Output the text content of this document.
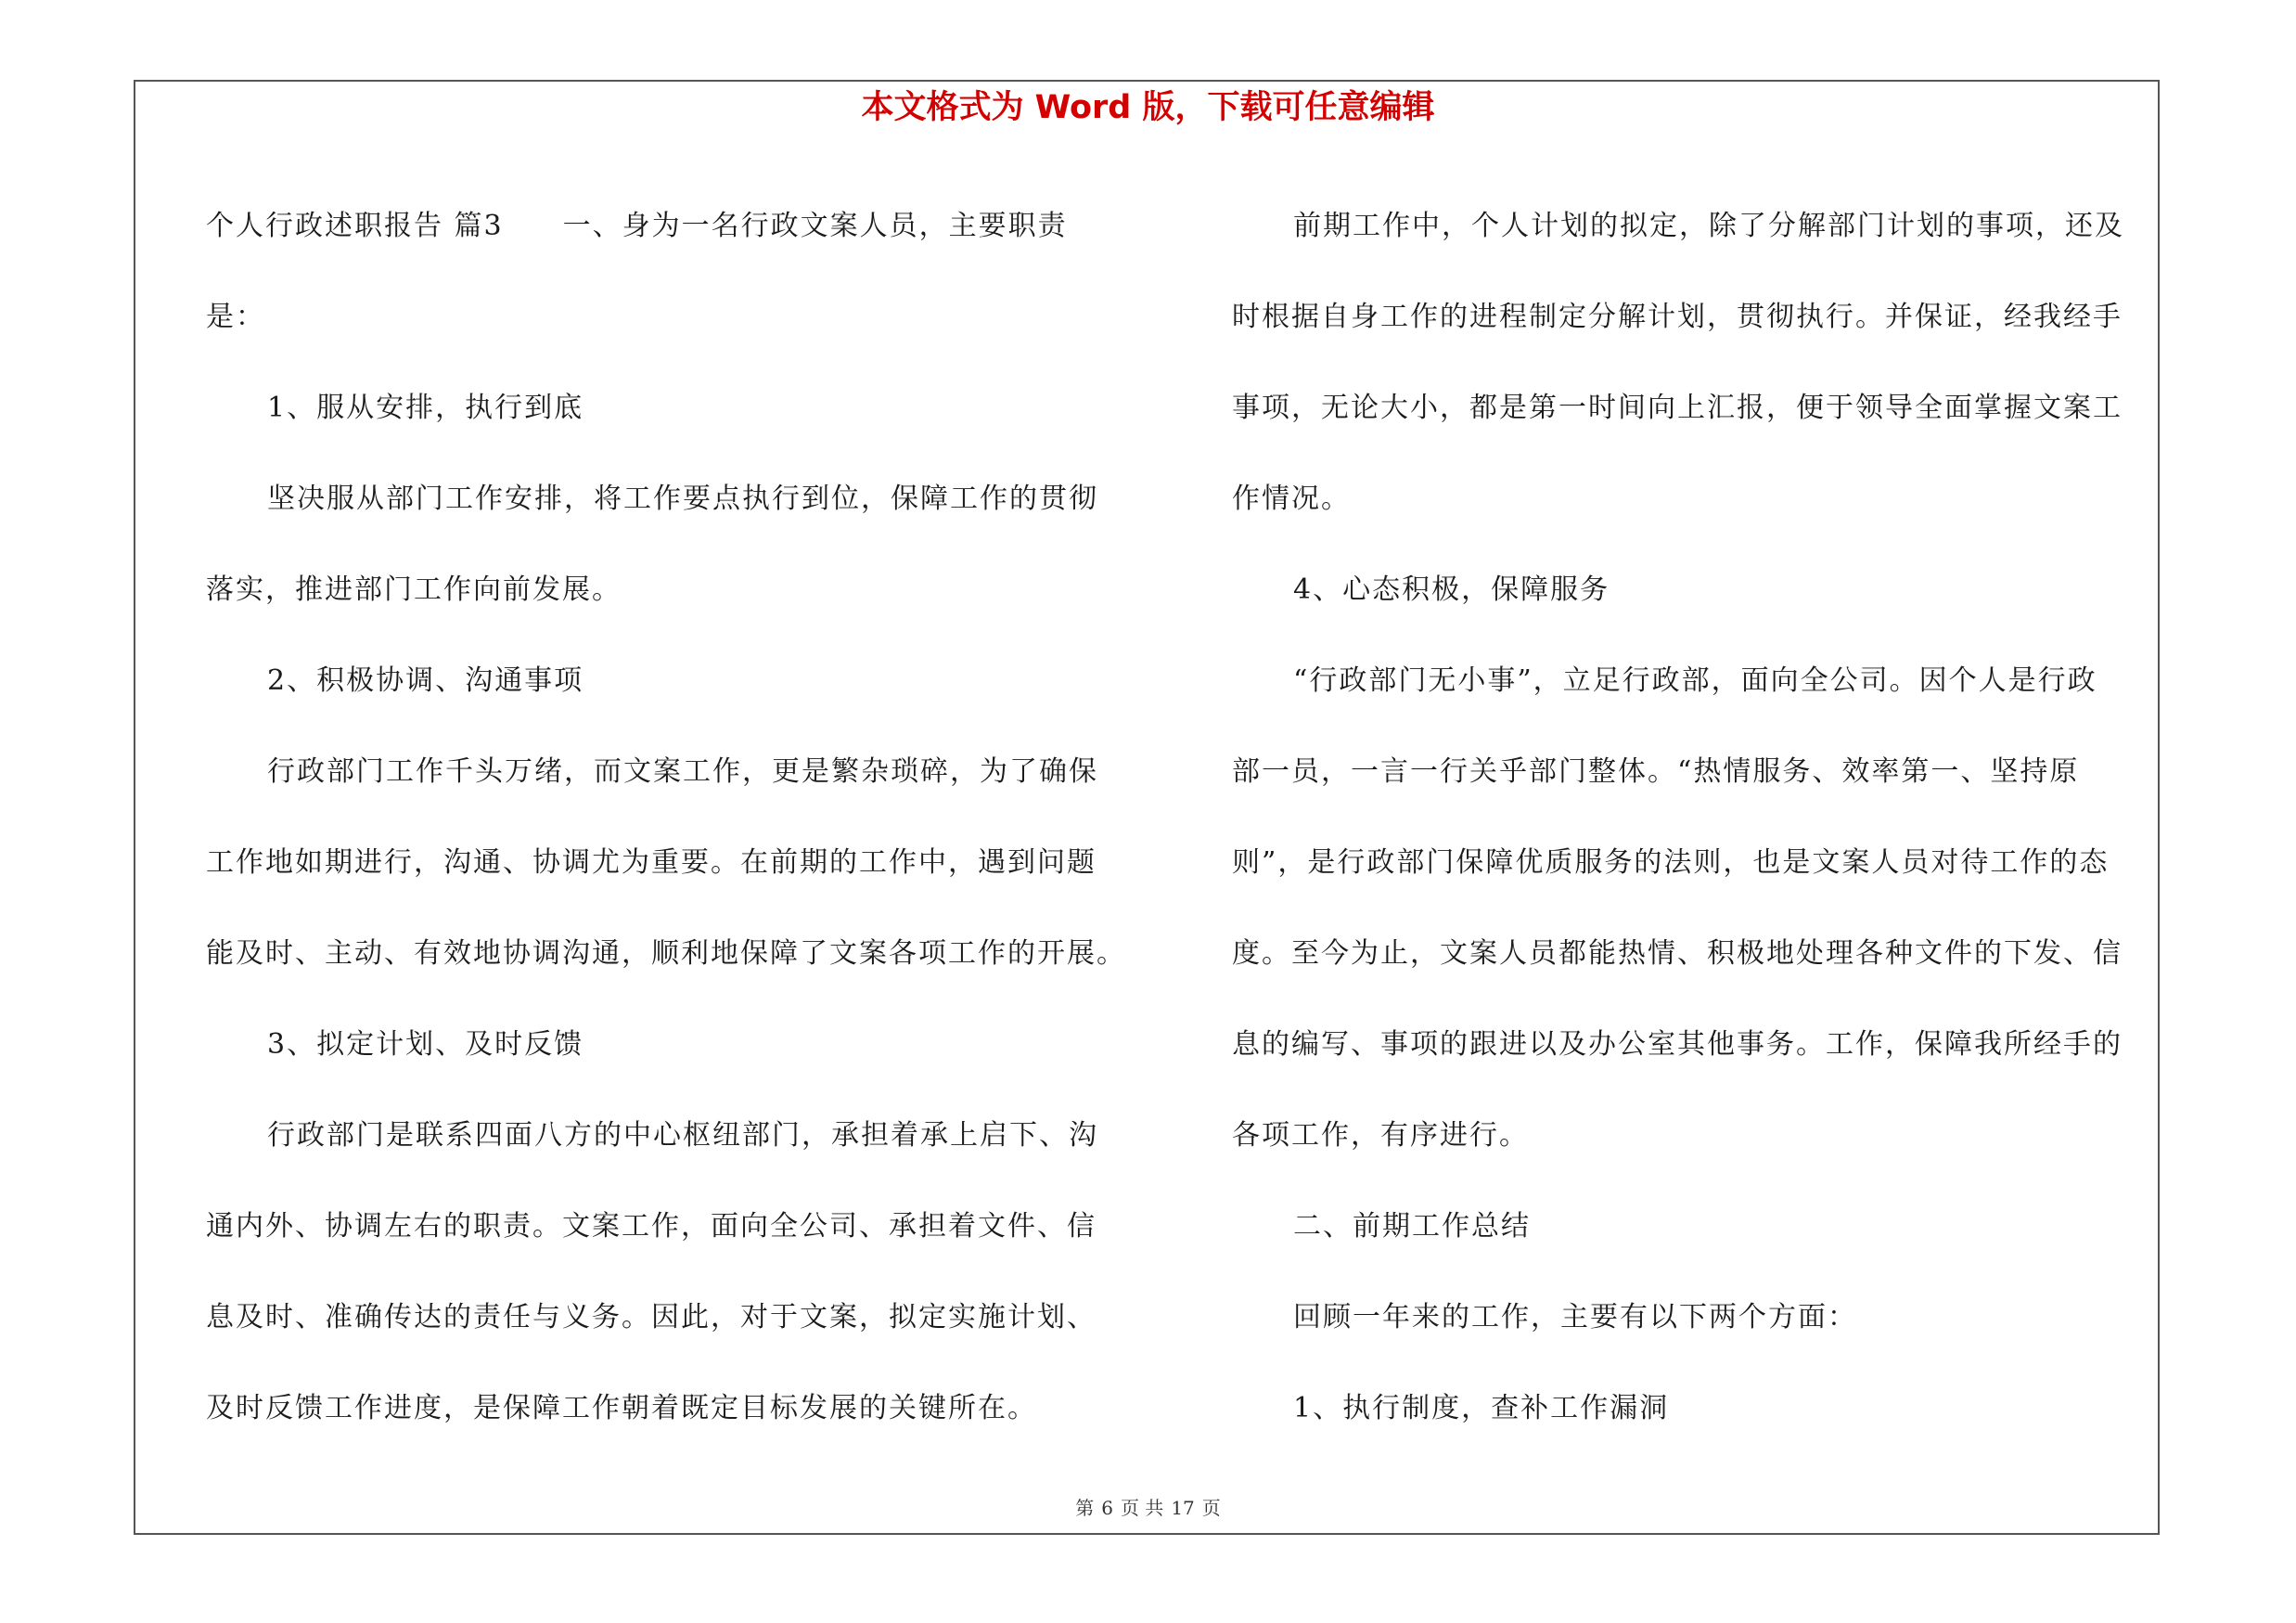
本文格式为 Word 版，下载可任意编辑

个人行政述职报告 篇3　　一、身为一名行政文案人员，主要职责

是：

1、服从安排，执行到底

坚决服从部门工作安排，将工作要点执行到位，保障工作的贯彻

落实，推进部门工作向前发展。

2、积极协调、沟通事项

行政部门工作千头万绪，而文案工作，更是繁杂琐碎，为了确保

工作地如期进行，沟通、协调尤为重要。在前期的工作中，遇到问题

能及时、主动、有效地协调沟通，顺利地保障了文案各项工作的开展。

3、拟定计划、及时反馈

行政部门是联系四面八方的中心枢纽部门，承担着承上启下、沟

通内外、协调左右的职责。文案工作，面向全公司、承担着文件、信

息及时、准确传达的责任与义务。因此，对于文案，拟定实施计划、

及时反馈工作进度，是保障工作朝着既定目标发展的关键所在。

前期工作中，个人计划的拟定，除了分解部门计划的事项，还及

时根据自身工作的进程制定分解计划，贯彻执行。并保证，经我经手

事项，无论大小，都是第一时间向上汇报，便于领导全面掌握文案工

作情况。

4、心态积极，保障服务

“行政部门无小事”，立足行政部，面向全公司。因个人是行政

部一员，一言一行关乎部门整体。“热情服务、效率第一、坚持原

则”，是行政部门保障优质服务的法则，也是文案人员对待工作的态

度。至今为止，文案人员都能热情、积极地处理各种文件的下发、信

息的编写、事项的跟进以及办公室其他事务。工作，保障我所经手的

各项工作，有序进行。

二、前期工作总结

回顾一年来的工作，主要有以下两个方面：

1、执行制度，查补工作漏洞

第 6 页 共 17 页
